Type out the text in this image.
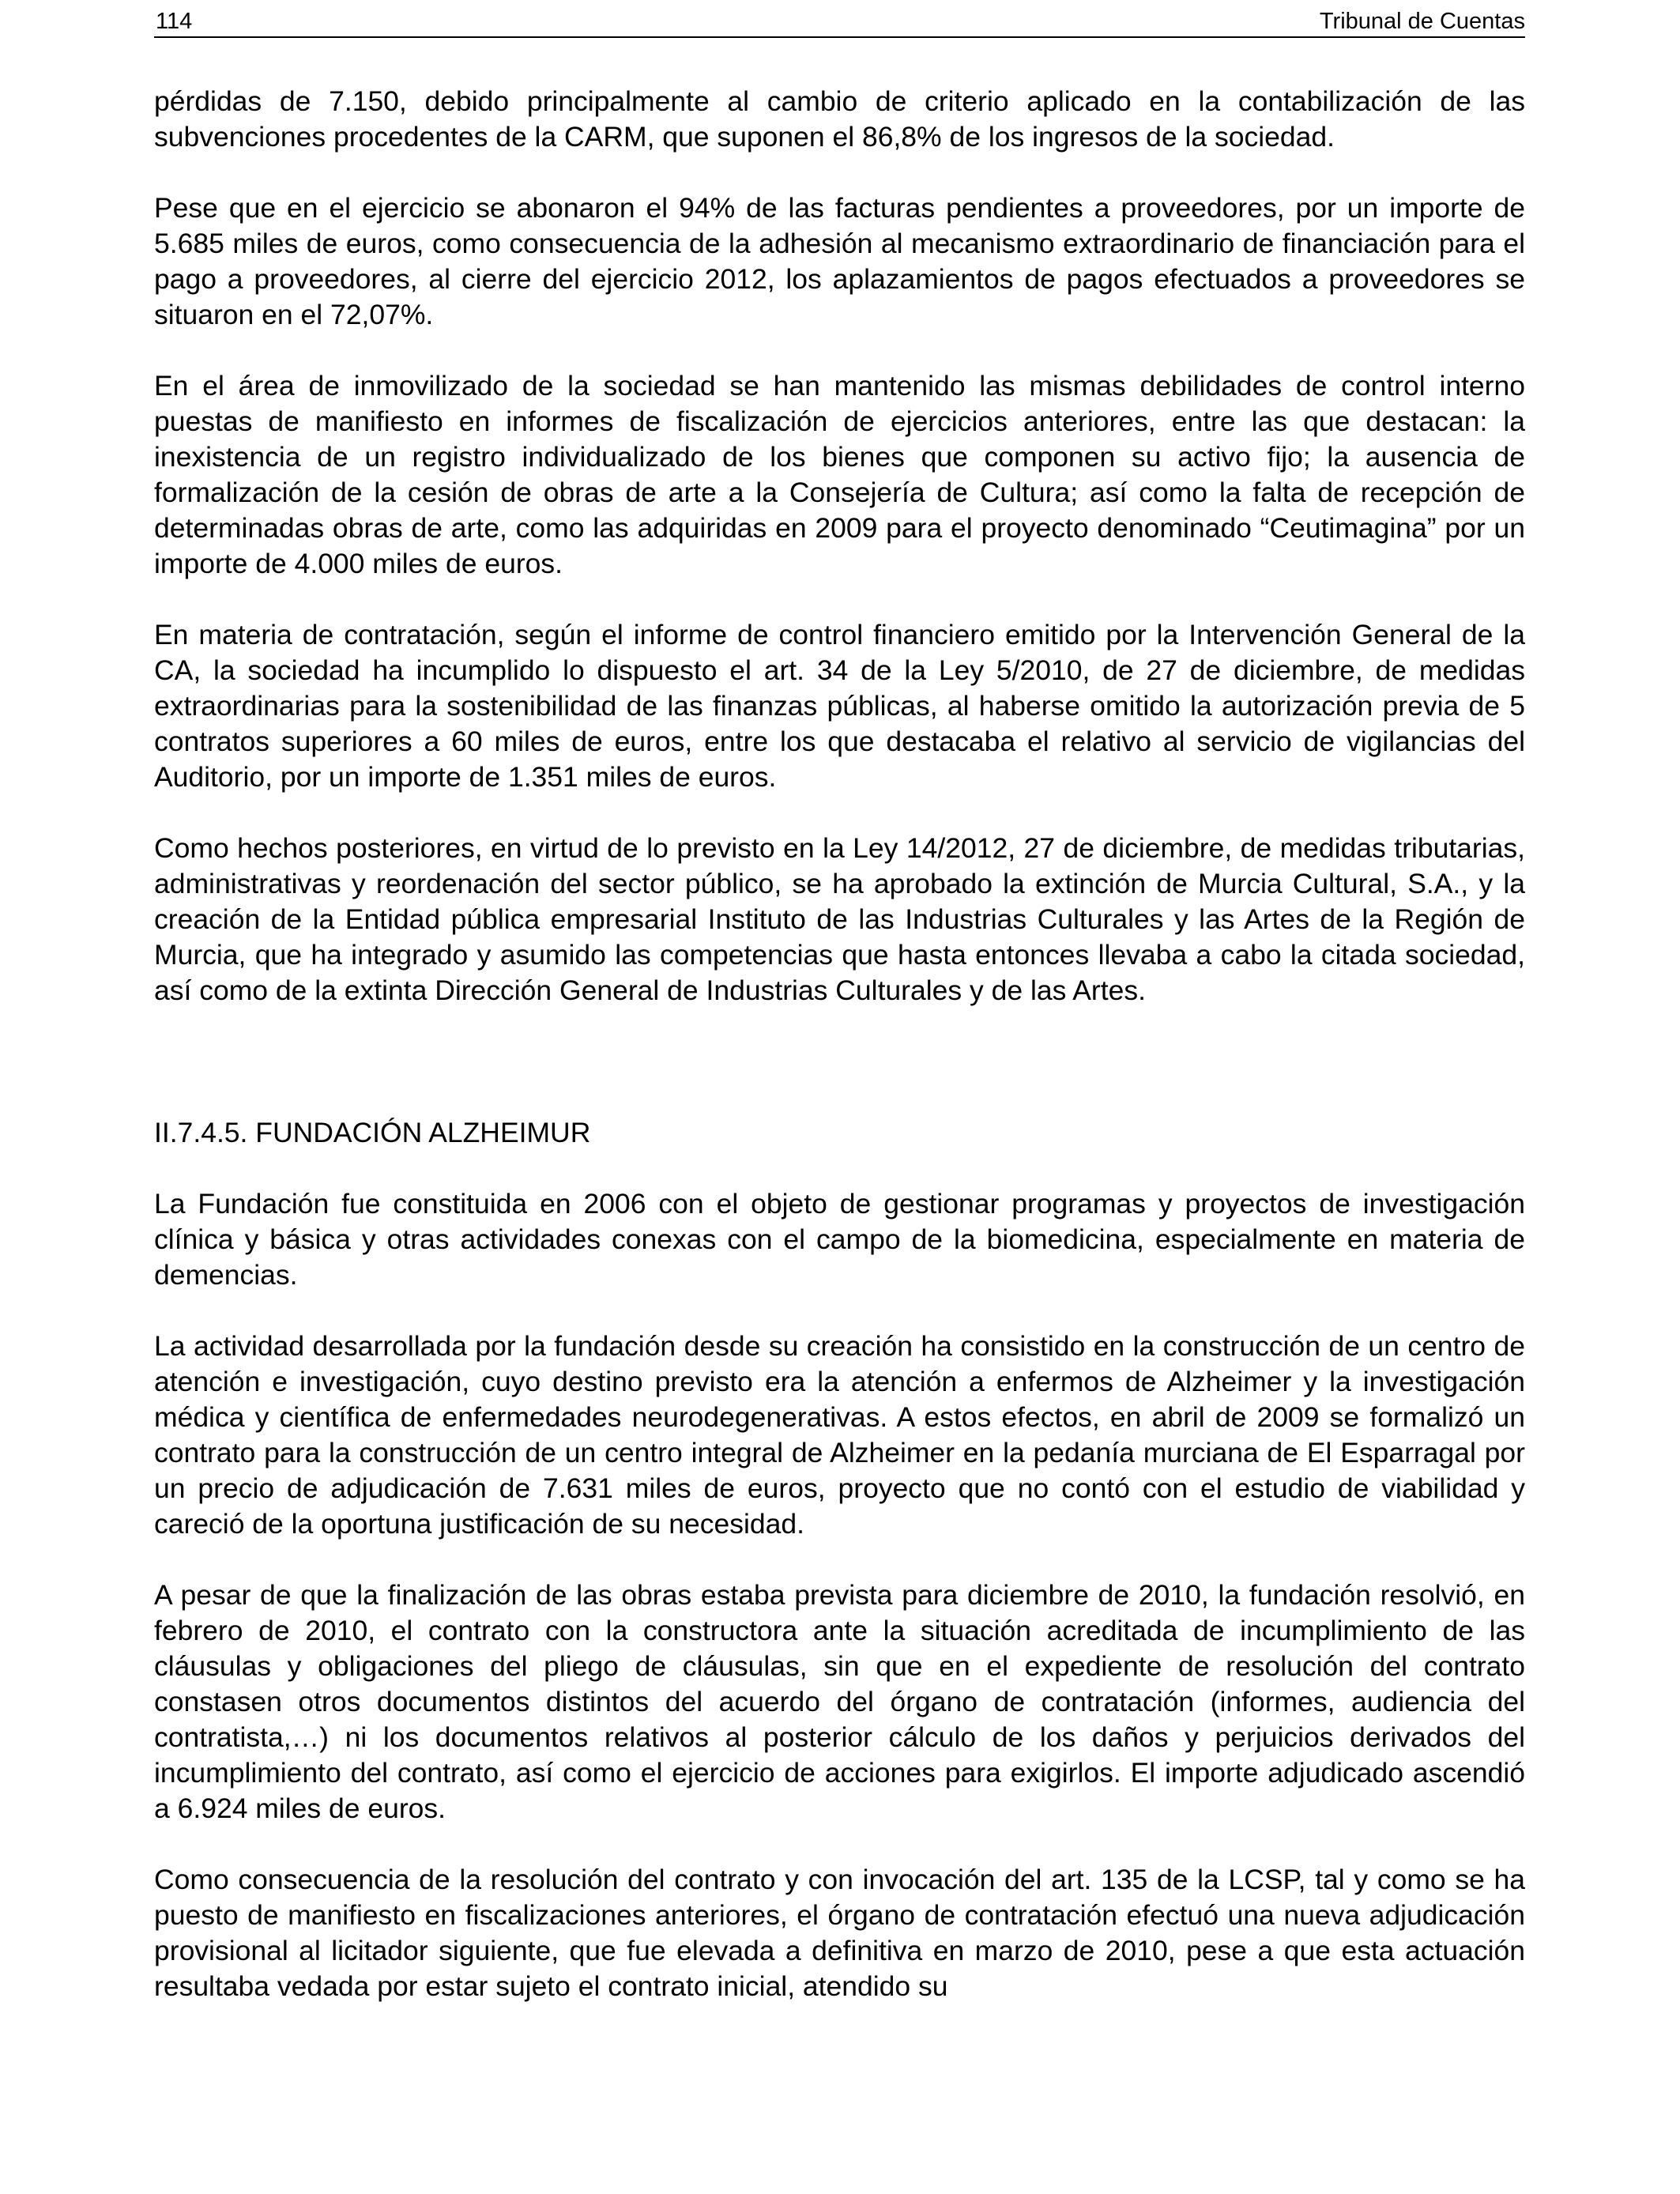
114	Tribunal de Cuentas

pérdidas de 7.150, debido principalmente al cambio de criterio aplicado en la contabilización de las subvenciones procedentes de la CARM, que suponen el 86,8% de los ingresos de la sociedad.

Pese que en el ejercicio se abonaron el 94% de las facturas pendientes a proveedores, por un importe de 5.685 miles de euros, como consecuencia de la adhesión al mecanismo extraordinario de financiación para el pago a proveedores, al cierre del ejercicio 2012, los aplazamientos de pagos efectuados a proveedores se situaron en el 72,07%.

En el área de inmovilizado de la sociedad se han mantenido las mismas debilidades de control interno puestas de manifiesto en informes de fiscalización de ejercicios anteriores, entre las que destacan: la inexistencia de un registro individualizado de los bienes que componen su activo fijo; la ausencia de formalización de la cesión de obras de arte a la Consejería de Cultura; así como la falta de recepción de determinadas obras de arte, como las adquiridas en 2009 para el proyecto denominado “Ceutimagina” por un importe de 4.000 miles de euros.

En materia de contratación, según el informe de control financiero emitido por la Intervención General de la CA, la sociedad ha incumplido lo dispuesto el art. 34 de la Ley 5/2010, de 27 de diciembre, de medidas extraordinarias para la sostenibilidad de las finanzas públicas, al haberse omitido la autorización previa de 5 contratos superiores a 60 miles de euros, entre los que destacaba el relativo al servicio de vigilancias del Auditorio, por un importe de 1.351 miles de euros.

Como hechos posteriores, en virtud de lo previsto en la Ley 14/2012, 27 de diciembre, de medidas tributarias, administrativas y reordenación del sector público, se ha aprobado la extinción de Murcia Cultural, S.A., y la creación de la Entidad pública empresarial Instituto de las Industrias Culturales y las Artes de la Región de Murcia, que ha integrado y asumido las competencias que hasta entonces llevaba a cabo la citada sociedad, así como de la extinta Dirección General de Industrias Culturales y de las Artes.

II.7.4.5. FUNDACIÓN ALZHEIMUR

La Fundación fue constituida en 2006 con el objeto de gestionar programas y proyectos de investigación clínica y básica y otras actividades conexas con el campo de la biomedicina, especialmente en materia de demencias.

La actividad desarrollada por la fundación desde su creación ha consistido en la construcción de un centro de atención e investigación, cuyo destino previsto era la atención a enfermos de Alzheimer y la investigación médica y científica de enfermedades neurodegenerativas. A estos efectos, en abril de 2009 se formalizó un contrato para la construcción de un centro integral de Alzheimer en la pedanía murciana de El Esparragal por un precio de adjudicación de 7.631 miles de euros, proyecto que no contó con el estudio de viabilidad y careció de la oportuna justificación de su necesidad.

A pesar de que la finalización de las obras estaba prevista para diciembre de 2010, la fundación resolvió, en febrero de 2010, el contrato con la constructora ante la situación acreditada de incumplimiento de las cláusulas y obligaciones del pliego de cláusulas, sin que en el expediente de resolución del contrato constasen otros documentos distintos del acuerdo del órgano de contratación (informes, audiencia del contratista,…) ni los documentos relativos al posterior cálculo de los daños y perjuicios derivados del incumplimiento del contrato, así como el ejercicio de acciones para exigirlos. El importe adjudicado ascendió a 6.924 miles de euros.

Como consecuencia de la resolución del contrato y con invocación del art. 135 de la LCSP, tal y como se ha puesto de manifiesto en fiscalizaciones anteriores, el órgano de contratación efectuó una nueva adjudicación provisional al licitador siguiente, que fue elevada a definitiva en marzo de 2010, pese a que esta actuación resultaba vedada por estar sujeto el contrato inicial, atendido su
